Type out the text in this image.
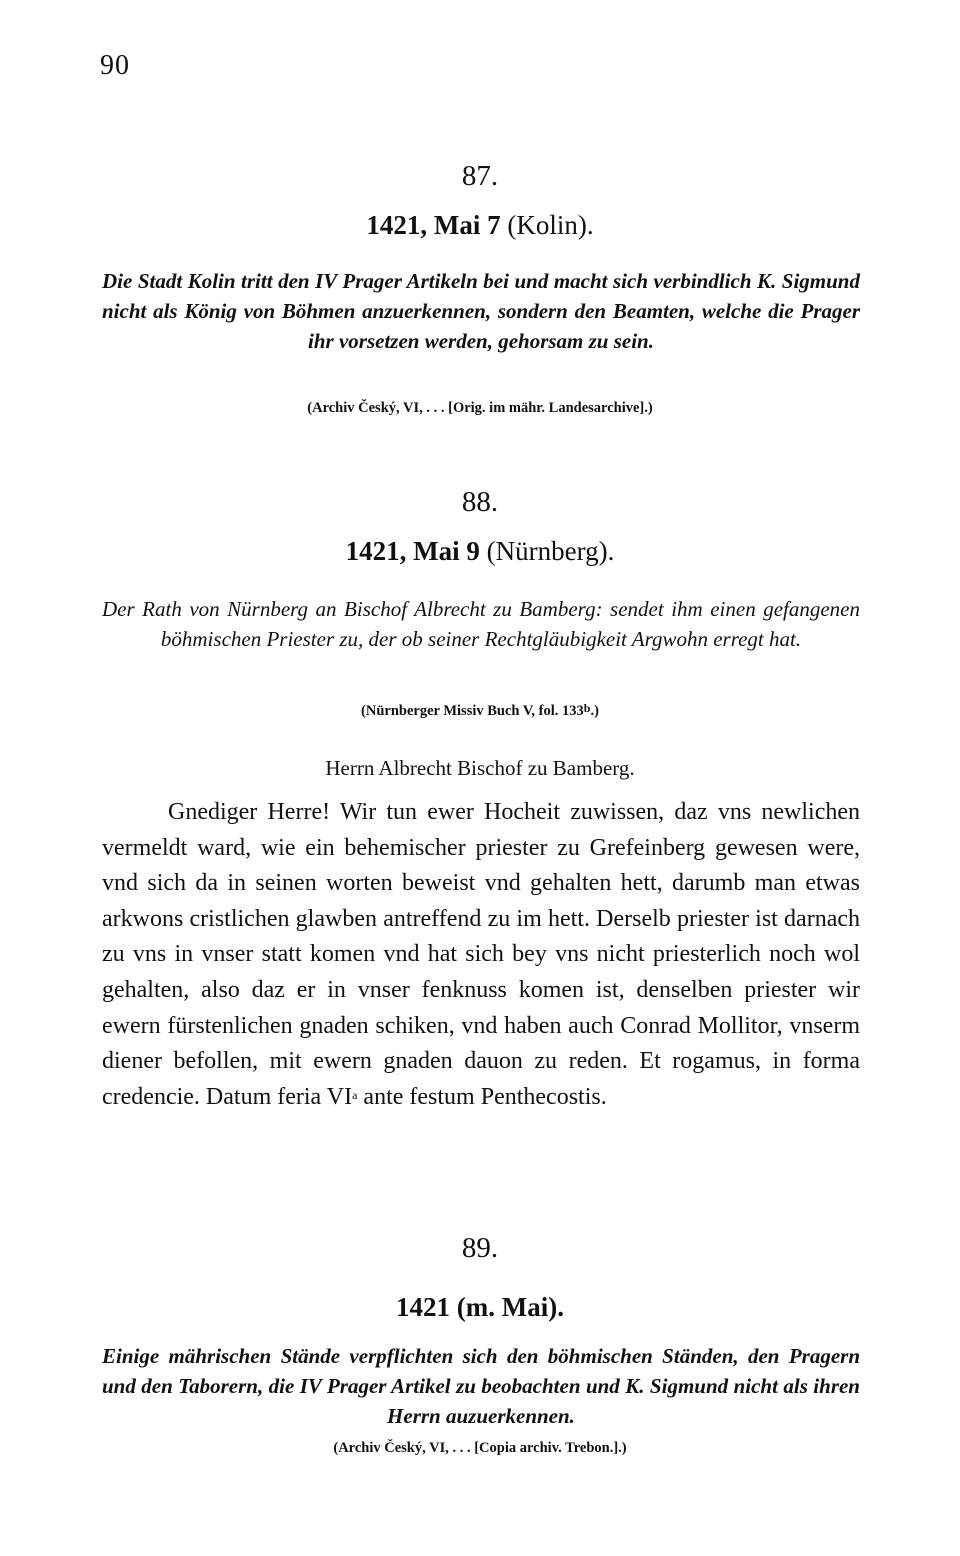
90
87.
1421, Mai 7 (Kolin).
Die Stadt Kolin tritt den IV Prager Artikeln bei und macht sich verbindlich K. Sigmund nicht als König von Böhmen anzuerkennen, sondern den Beamten, welche die Prager ihr vorsetzen werden, gehorsam zu sein.
(Archiv Český, VI, . . . [Orig. im mähr. Landesarchive].)
88.
1421, Mai 9 (Nürnberg).
Der Rath von Nürnberg an Bischof Albrecht zu Bamberg: sendet ihm einen gefangenen böhmischen Priester zu, der ob seiner Rechtgläubigkeit Argwohn erregt hat.
(Nürnberger Missiv Buch V, fol. 133$^b$.)
Herrn Albrecht Bischof zu Bamberg.
Gnediger Herre! Wir tun ewer Hocheit zuwissen, daz vns newlichen vermeldt ward, wie ein behemischer priester zu Grefeinberg gewesen were, vnd sich da in seinen worten beweist vnd gehalten hett, darumb man etwas arkwons cristlichen glawben antreffend zu im hett. Derselb priester ist darnach zu vns in vnser statt komen vnd hat sich bey vns nicht priesterlich noch wol gehalten, also daz er in vnser fenknuss komen ist, denselben priester wir ewern fürstenlichen gnaden schiken, vnd haben auch Conrad Mollitor, vnserm diener befollen, mit ewern gnaden dauon zu reden. Et rogamus, in forma credencie. Datum feria $VI^a$ ante festum Penthecostis.
89.
1421 (m. Mai).
Einige mährischen Stände verpflichten sich den böhmischen Ständen, den Pragern und den Taborern, die IV Prager Artikel zu beobachten und K. Sigmund nicht als ihren Herrn auzuerkennen.
(Archiv Český, VI, . . . [Copia archiv. Trebon.].)
